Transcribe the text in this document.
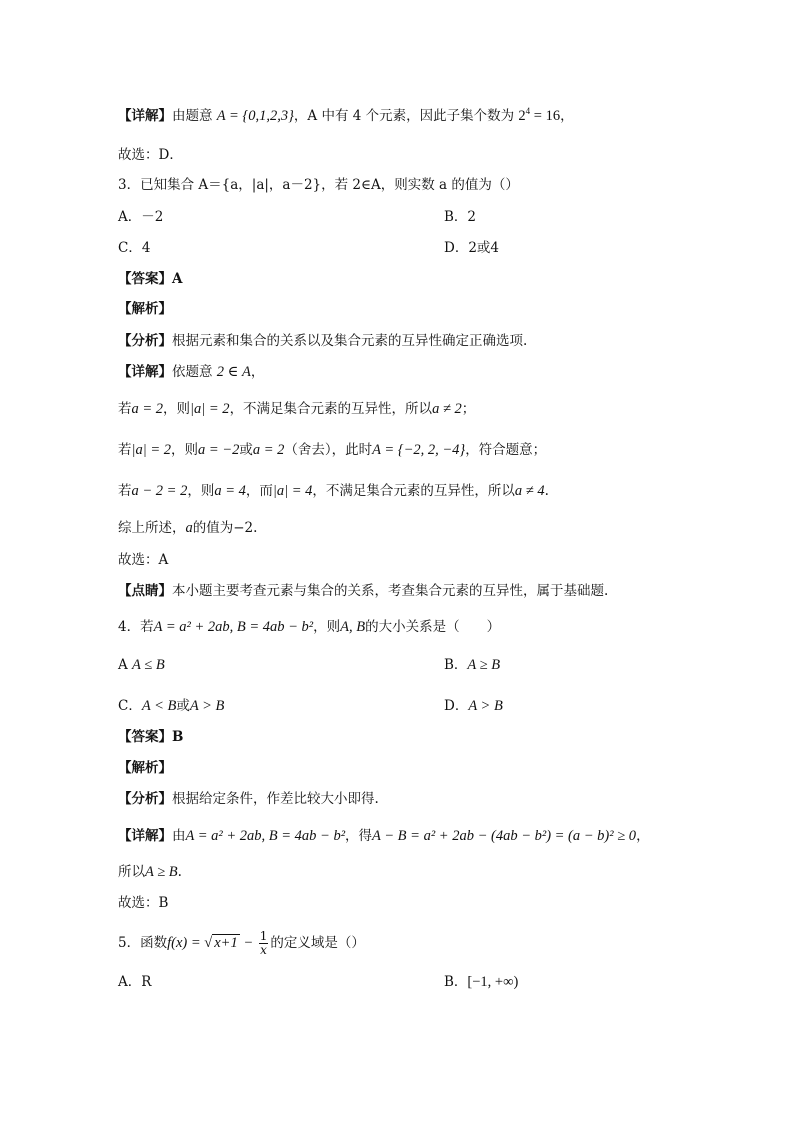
【详解】由题意 A = {0,1,2,3}，A 中有 4 个元素，因此子集个数为 $2^4 = 16$，
故选：D．
3．已知集合 A＝{a，|a|，a－2}，若 2∈A，则实数 a 的值为（）
A．－2	B．2
C．4	D．2或4
【答案】A
【解析】
【分析】根据元素和集合的关系以及集合元素的互异性确定正确选项.
【详解】依题意 2 ∈ A，
若a = 2，则|a| = 2，不满足集合元素的互异性，所以a ≠ 2；
若|a| = 2，则a = −2或a = 2（舍去），此时A = {−2, 2, −4}，符合题意；
若a − 2 = 2，则a = 4，而|a| = 4，不满足集合元素的互异性，所以a ≠ 4.
综上所述，a的值为−2.
故选：A
【点睛】本小题主要考查元素与集合的关系，考查集合元素的互异性，属于基础题.
4．若A = a² + 2ab, B = 4ab − b²，则A, B的大小关系是（　　）
A A ≤ B	B．A ≥ B
C．A < B或A > B	D．A > B
【答案】B
【解析】
【分析】根据给定条件，作差比较大小即得.
【详解】由A = a² + 2ab, B = 4ab − b²，得A − B = a² + 2ab − (4ab − b²) = (a − b)² ≥ 0，
所以A ≥ B.
故选：B
5．函数f(x) = √ $x+1 - \frac{1}{x}$ 的定义域是（）
A．R	B．[−1, +∞)
